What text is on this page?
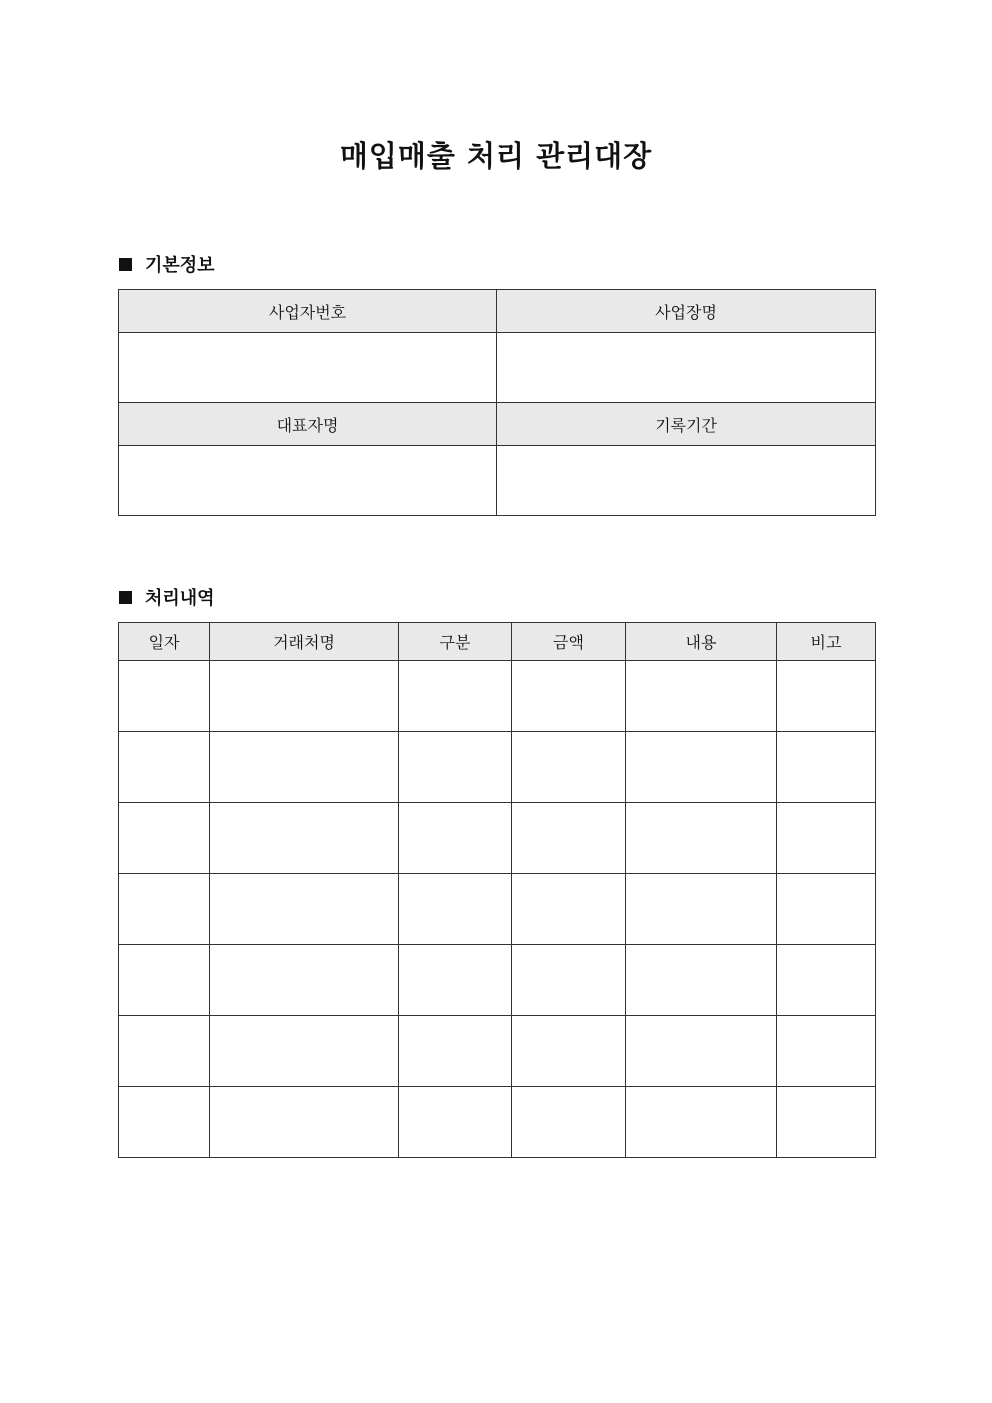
매입매출 처리 관리대장
기본정보
사업자번호	사업장명

대표자명	기록기간

처리내역
일자	거래처명	구분	금액	내용	비고
